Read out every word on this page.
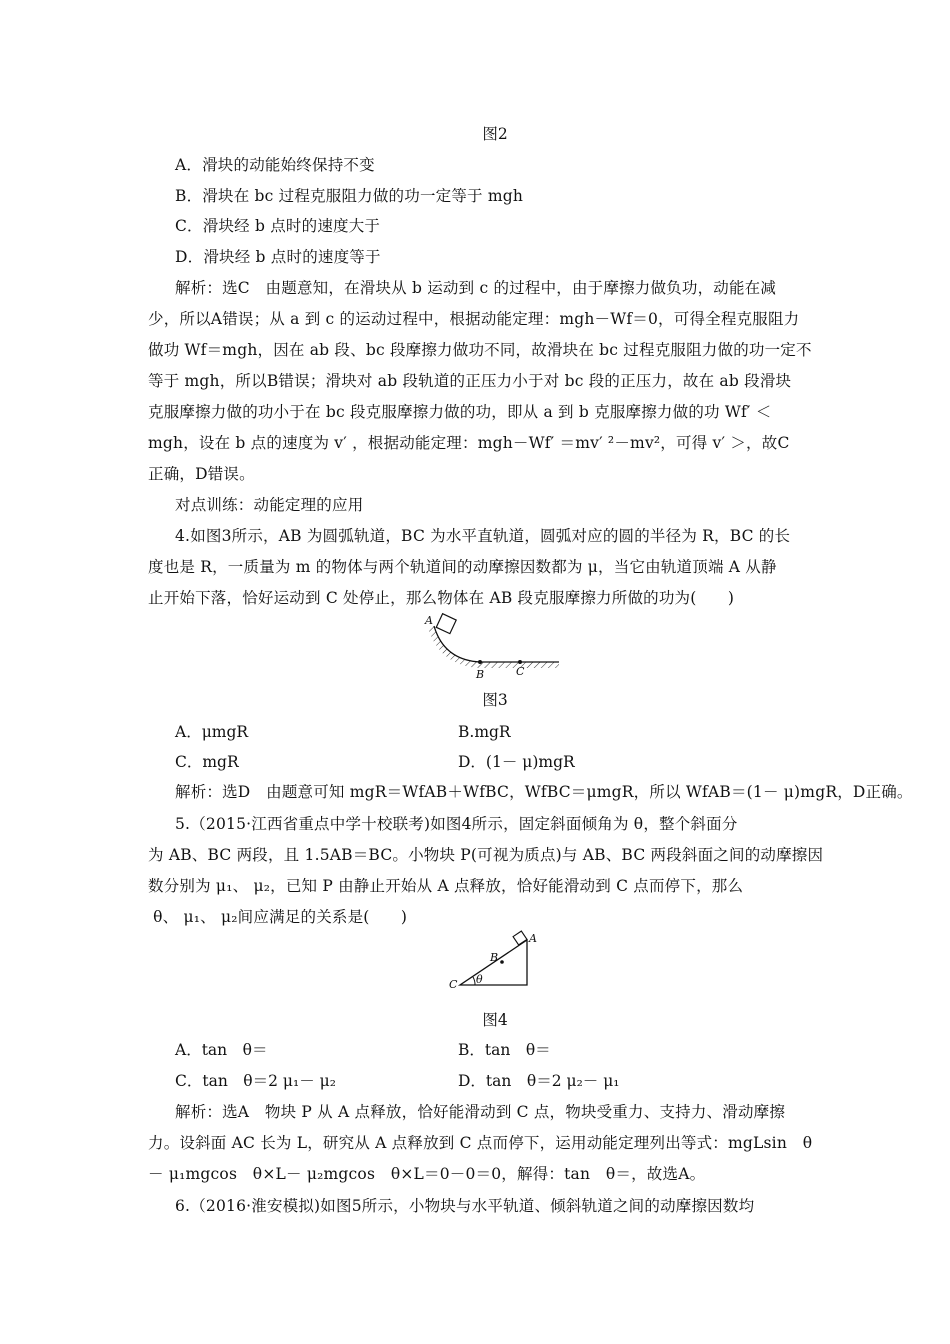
图2
A．滑块的动能始终保持不变
B．滑块在 bc 过程克服阻力做的功一定等于 mgh
C．滑块经 b 点时的速度大于
D．滑块经 b 点时的速度等于
解析：选C　由题意知，在滑块从 b 运动到 c 的过程中，由于摩擦力做负功，动能在减
少，所以A错误；从 a 到 c 的运动过程中，根据动能定理：mgh－Wf＝0，可得全程克服阻力
做功 Wf＝mgh，因在 ab 段、bc 段摩擦力做功不同，故滑块在 bc 过程克服阻力做的功一定不
等于 mgh，所以B错误；滑块对 ab 段轨道的正压力小于对 bc 段的正压力，故在 ab 段滑块
克服摩擦力做的功小于在 bc 段克服摩擦力做的功，即从 a 到 b 克服摩擦力做的功 Wf′ ＜
mgh，设在 b 点的速度为 v′ ，根据动能定理：mgh－Wf′ ＝mv′ ²－mv²，可得 v′ ＞，故C
正确，D错误。
对点训练：动能定理的应用
4.如图3所示，AB 为圆弧轨道，BC 为水平直轨道，圆弧对应的圆的半径为 R，BC 的长
度也是 R，一质量为 m 的物体与两个轨道间的动摩擦因数都为 μ，当它由轨道顶端 A 从静
止开始下落，恰好运动到 C 处停止，那么物体在 AB 段克服摩擦力所做的功为(　　)
A
B	C
图3
A．μmgR	B.mgR
C．mgR	D．(1－ μ)mgR
解析：选D　由题意可知 mgR＝WfAB＋WfBC，WfBC＝μmgR，所以 WfAB＝(1－ μ)mgR，D正确。
5.（2015·江西省重点中学十校联考)如图4所示，固定斜面倾角为 θ，整个斜面分
为 AB、BC 两段，且 1.5AB＝BC。小物块 P(可视为质点)与 AB、BC 两段斜面之间的动摩擦因
数分别为 μ₁、 μ₂，已知 P 由静止开始从 A 点释放，恰好能滑动到 C 点而停下，那么
θ、 μ₁、 μ₂间应满足的关系是(　　)
A
B
C θ
图4
A．tan　θ＝	B．tan　θ＝
C．tan　θ＝2 μ₁－ μ₂	D．tan　θ＝2 μ₂－ μ₁
解析：选A　物块 P 从 A 点释放，恰好能滑动到 C 点，物块受重力、支持力、滑动摩擦
力。设斜面 AC 长为 L，研究从 A 点释放到 C 点而停下，运用动能定理列出等式：mgLsin　θ
－ μ₁mgcos　θ×L－ μ₂mgcos　θ×L＝0－0＝0，解得：tan　θ＝，故选A。
6.（2016·淮安模拟)如图5所示，小物块与水平轨道、倾斜轨道之间的动摩擦因数均
